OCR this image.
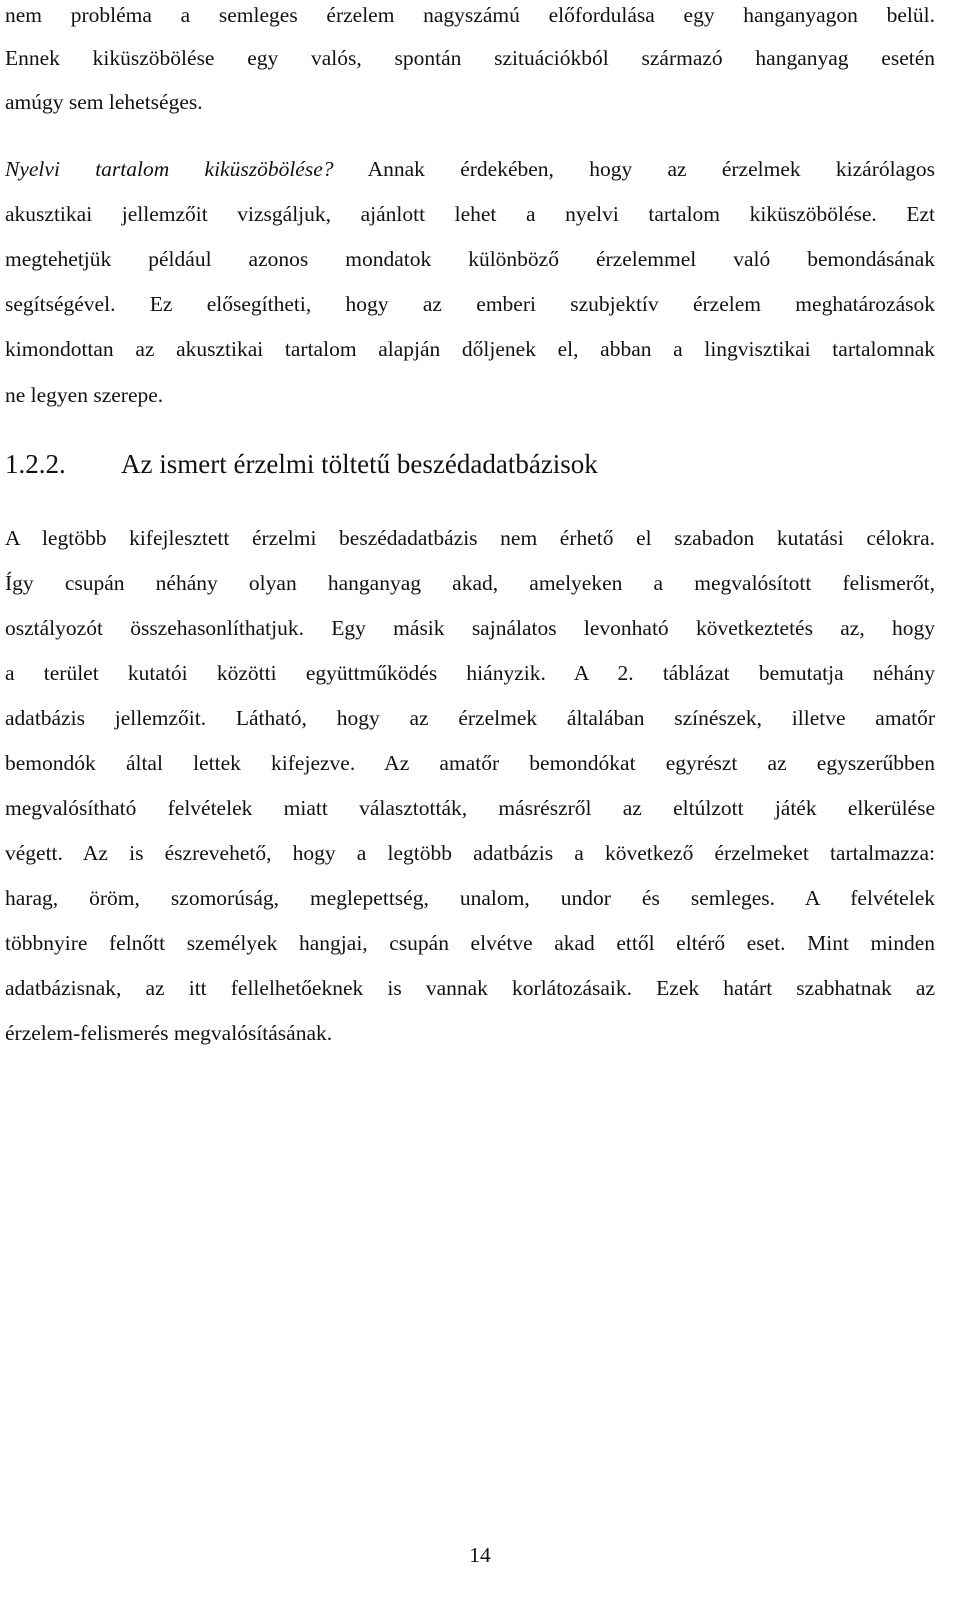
nem probléma a semleges érzelem nagyszámú előfordulása egy hanganyagon belül.
Ennek kiküszöbölése egy valós, spontán szituációkból származó hanganyag esetén
amúgy sem lehetséges.
Nyelvi tartalom kiküszöbölése? Annak érdekében, hogy az érzelmek kizárólagos
akusztikai jellemzőit vizsgáljuk, ajánlott lehet a nyelvi tartalom kiküszöbölése. Ezt
megtehetjük például azonos mondatok különböző érzelemmel való bemondásának
segítségével. Ez elősegítheti, hogy az emberi szubjektív érzelem meghatározások
kimondottan az akusztikai tartalom alapján dőljenek el, abban a lingvisztikai tartalomnak
ne legyen szerepe.
1.2.2. Az ismert érzelmi töltetű beszédadatbázisok
A legtöbb kifejlesztett érzelmi beszédadatbázis nem érhető el szabadon kutatási célokra.
Így csupán néhány olyan hanganyag akad, amelyeken a megvalósított felismerőt,
osztályozót összehasonlíthatjuk. Egy másik sajnálatos levonható következtetés az, hogy
a terület kutatói közötti együttműködés hiányzik. A 2. táblázat bemutatja néhány
adatbázis jellemzőit. Látható, hogy az érzelmek általában színészek, illetve amatőr
bemondók által lettek kifejezve. Az amatőr bemondókat egyrészt az egyszerűbben
megvalósítható felvételek miatt választották, másrészről az eltúlzott játék elkerülése
végett. Az is észrevehető, hogy a legtöbb adatbázis a következő érzelmeket tartalmazza:
harag, öröm, szomorúság, meglepettség, unalom, undor és semleges. A felvételek
többnyire felnőtt személyek hangjai, csupán elvétve akad ettől eltérő eset. Mint minden
adatbázisnak, az itt fellelhetőeknek is vannak korlátozásaik. Ezek határt szabhatnak az
érzelem-felismerés megvalósításának.
14
